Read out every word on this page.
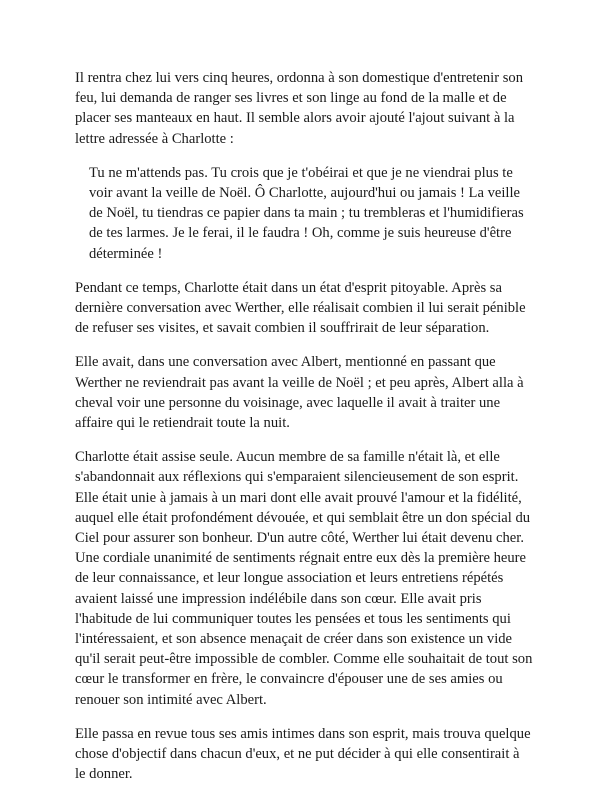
Il rentra chez lui vers cinq heures, ordonna à son domestique d'entretenir son feu, lui demanda de ranger ses livres et son linge au fond de la malle et de placer ses manteaux en haut. Il semble alors avoir ajouté l'ajout suivant à la lettre adressée à Charlotte :

Tu ne m'attends pas. Tu crois que je t'obéirai et que je ne viendrai plus te voir avant la veille de Noël. Ô Charlotte, aujourd'hui ou jamais ! La veille de Noël, tu tiendras ce papier dans ta main ; tu trembleras et l'humidifieras de tes larmes. Je le ferai, il le faudra ! Oh, comme je suis heureuse d'être déterminée !

Pendant ce temps, Charlotte était dans un état d'esprit pitoyable. Après sa dernière conversation avec Werther, elle réalisait combien il lui serait pénible de refuser ses visites, et savait combien il souffrirait de leur séparation.

Elle avait, dans une conversation avec Albert, mentionné en passant que Werther ne reviendrait pas avant la veille de Noël ; et peu après, Albert alla à cheval voir une personne du voisinage, avec laquelle il avait à traiter une affaire qui le retiendrait toute la nuit.

Charlotte était assise seule. Aucun membre de sa famille n'était là, et elle s'abandonnait aux réflexions qui s'emparaient silencieusement de son esprit. Elle était unie à jamais à un mari dont elle avait prouvé l'amour et la fidélité, auquel elle était profondément dévouée, et qui semblait être un don spécial du Ciel pour assurer son bonheur. D'un autre côté, Werther lui était devenu cher. Une cordiale unanimité de sentiments régnait entre eux dès la première heure de leur connaissance, et leur longue association et leurs entretiens répétés avaient laissé une impression indélébile dans son cœur. Elle avait pris l'habitude de lui communiquer toutes les pensées et tous les sentiments qui l'intéressaient, et son absence menaçait de créer dans son existence un vide qu'il serait peut-être impossible de combler. Comme elle souhaitait de tout son cœur le transformer en frère, le convaincre d'épouser une de ses amies ou renouer son intimité avec Albert.

Elle passa en revue tous ses amis intimes dans son esprit, mais trouva quelque chose d'objectif dans chacun d'eux, et ne put décider à qui elle consentirait à le donner.
